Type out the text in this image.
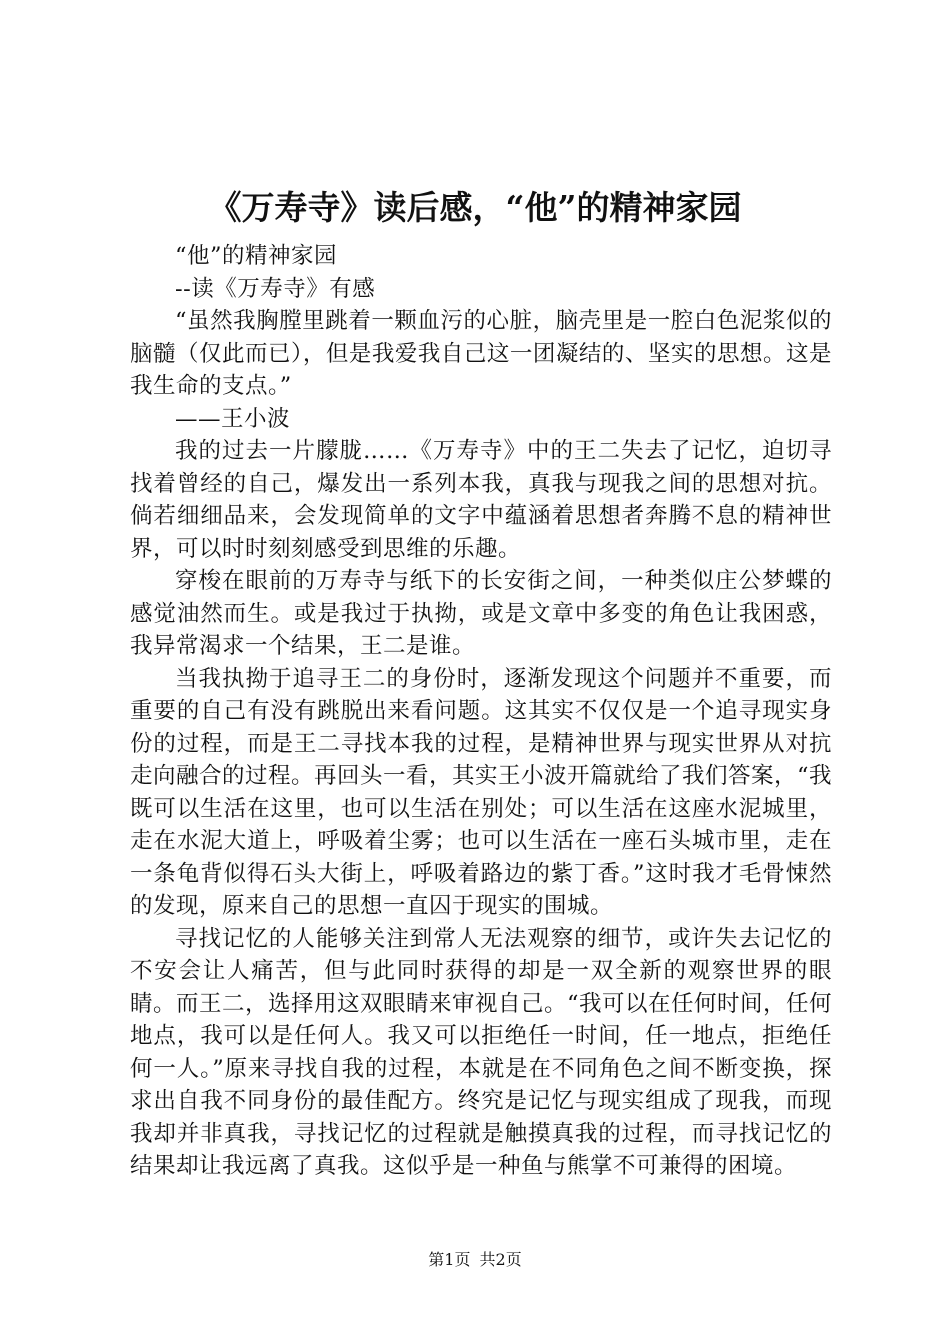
《万寿寺》读后感，“他”的精神家园

“他”的精神家园

--读《万寿寺》有感

“虽然我胸膛里跳着一颗血污的心脏，脑壳里是一腔白色泥浆似的脑髓（仅此而已），但是我爱我自己这一团凝结的、坚实的思想。这是我生命的支点。”

——王小波

我的过去一片朦胧……《万寿寺》中的王二失去了记忆，迫切寻找着曾经的自己，爆发出一系列本我，真我与现我之间的思想对抗。倘若细细品来，会发现简单的文字中蕴涵着思想者奔腾不息的精神世界，可以时时刻刻感受到思维的乐趣。

穿梭在眼前的万寿寺与纸下的长安街之间，一种类似庄公梦蝶的感觉油然而生。或是我过于执拗，或是文章中多变的角色让我困惑，我异常渴求一个结果，王二是谁。

当我执拗于追寻王二的身份时，逐渐发现这个问题并不重要，而重要的自己有没有跳脱出来看问题。这其实不仅仅是一个追寻现实身份的过程，而是王二寻找本我的过程，是精神世界与现实世界从对抗走向融合的过程。再回头一看，其实王小波开篇就给了我们答案，“我既可以生活在这里，也可以生活在别处；可以生活在这座水泥城里，走在水泥大道上，呼吸着尘雾；也可以生活在一座石头城市里，走在一条龟背似得石头大街上，呼吸着路边的紫丁香。”这时我才毛骨悚然的发现，原来自己的思想一直囚于现实的围城。

寻找记忆的人能够关注到常人无法观察的细节，或许失去记忆的不安会让人痛苦，但与此同时获得的却是一双全新的观察世界的眼睛。而王二，选择用这双眼睛来审视自己。“我可以在任何时间，任何地点，我可以是任何人。我又可以拒绝任一时间，任一地点，拒绝任何一人。”原来寻找自我的过程，本就是在不同角色之间不断变换，探求出自我不同身份的最佳配方。终究是记忆与现实组成了现我，而现我却并非真我，寻找记忆的过程就是触摸真我的过程，而寻找记忆的结果却让我远离了真我。这似乎是一种鱼与熊掌不可兼得的困境。

第1页 共2页
